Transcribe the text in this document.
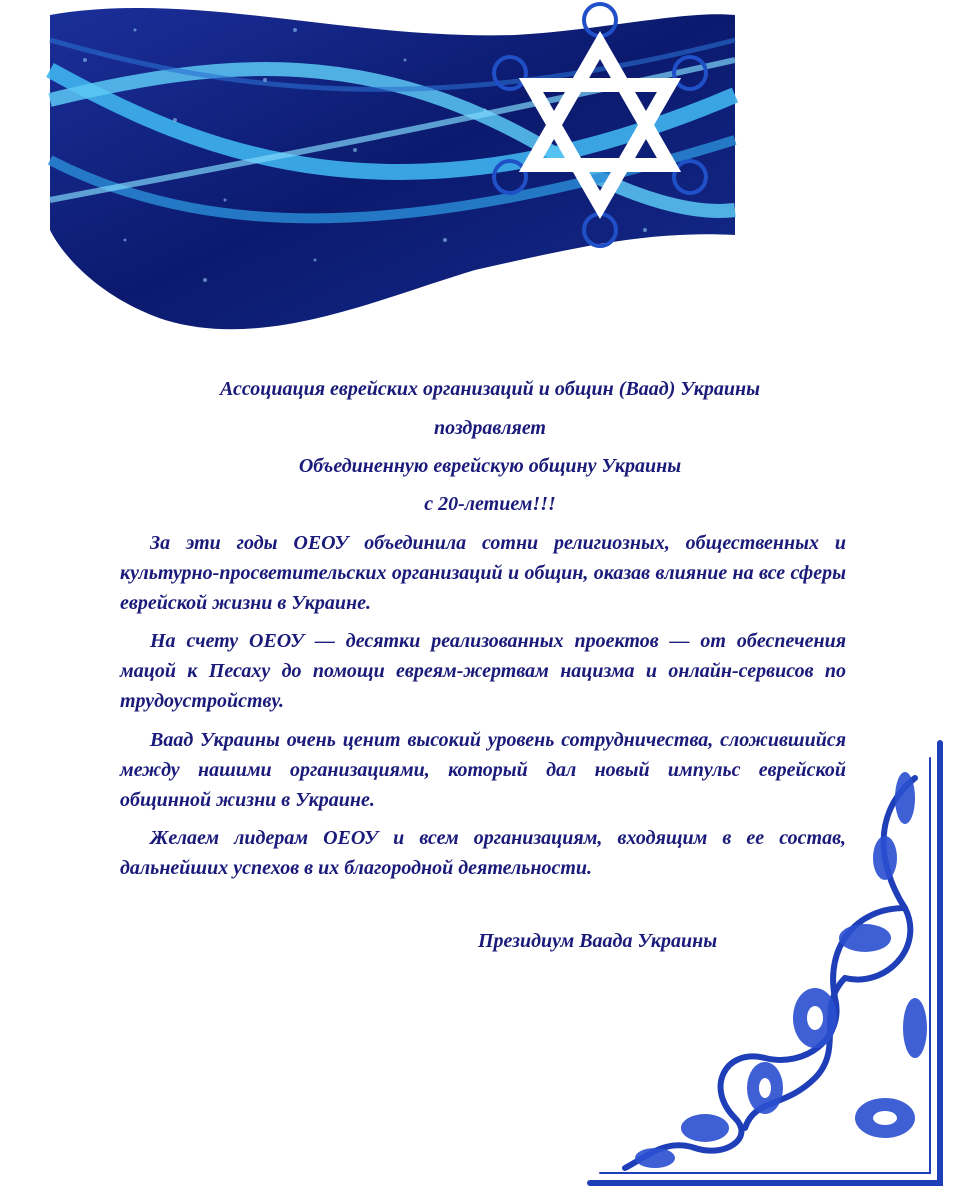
Ассоциация еврейских организаций и общин (Ваад) Украины

поздравляет

Объединенную еврейскую общину Украины

с 20-летием!!!

За эти годы ОЕОУ объединила сотни религиозных, общественных и культурно-просветительских организаций и общин, оказав влияние на все сферы еврейской жизни в Украине.

На счету ОЕОУ — десятки реализованных проектов — от обеспечения мацой к Песаху до помощи евреям-жертвам нацизма и онлайн-сервисов по трудоустройству.

Ваад Украины очень ценит высокий уровень сотрудничества, сложившийся между нашими организациями, который дал новый импульс еврейской общинной жизни в Украине.

Желаем лидерам ОЕОУ и всем организациям, входящим в ее состав, дальнейших успехов в их благородной деятельности.

Президиум Ваада Украины
